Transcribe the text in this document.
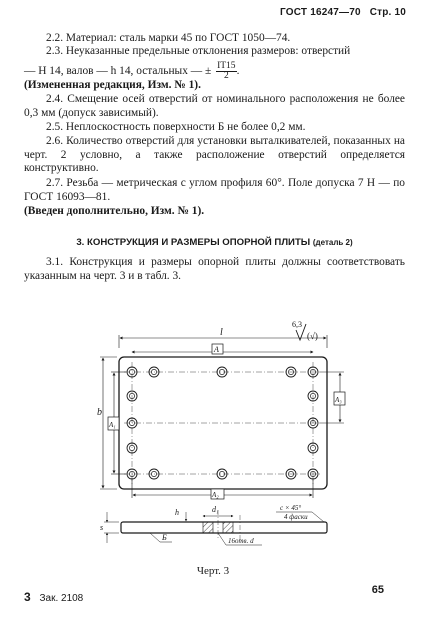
ГОСТ 16247—70 Стр. 10

2.2. Материал: сталь марки 45 по ГОСТ 1050—74.

2.3. Неуказанные предельные отклонения размеров: отверстий

— Н 14, валов — h 14, остальных — ± $\frac{IT15}{2}$ .

(Измененная редакция, Изм. № 1).

2.4. Смещение осей отверстий от номинального расположения не более 0,3 мм (допуск зависимый).

2.5. Неплоскостность поверхности Б не более 0,2 мм.

2.6. Количество отверстий для установки выталкивателей, показанных на черт. 2 условно, а также расположение отверстий определяется конструктивно.

2.7. Резьба — метрическая с углом профиля 60°. Поле допуска 7 Н — по ГОСТ 16093—81.

(Введен дополнительно, Изм. № 1).

3. КОНСТРУКЦИЯ И РАЗМЕРЫ ОПОРНОЙ ПЛИТЫ (деталь 2)

3.1. Конструкция и размеры опорной плиты должны соответствовать указанным на черт. 3 и в табл. 3.

6,3
(√)
l
A
b
A₁
A₃
A₂
s
h	d₁
Б	16отв. d
c × 45°
4 фаски
Черт. 3
3 Зак. 2108
65
